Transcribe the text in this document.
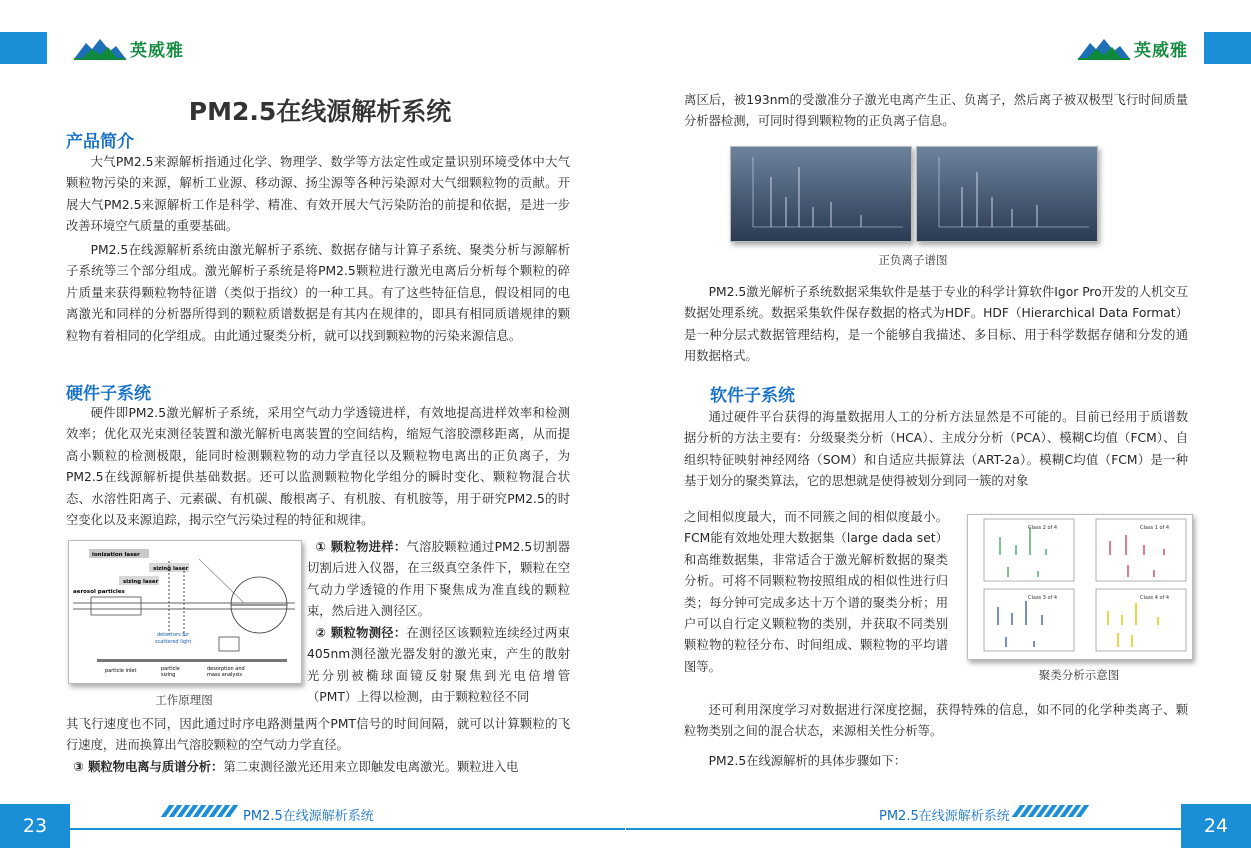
英威雅	英威雅
PM2.5在线源解析系统
产品简介

大气PM2.5来源解析指通过化学、物理学、数学等方法定性或定量识别环境受体中大气颗粒物污染的来源，解析工业源、移动源、扬尘源等各种污染源对大气细颗粒物的贡献。开展大气PM2.5来源解析工作是科学、精准、有效开展大气污染防治的前提和依据，是进一步改善环境空气质量的重要基础。

PM2.5在线源解析系统由激光解析子系统、数据存储与计算子系统、聚类分析与源解析子系统等三个部分组成。激光解析子系统是将PM2.5颗粒进行激光电离后分析每个颗粒的碎片质量来获得颗粒物特征谱（类似于指纹）的一种工具。有了这些特征信息，假设相同的电离激光和同样的分析器所得到的颗粒质谱数据是有其内在规律的，即具有相同质谱规律的颗粒物有着相同的化学组成。由此通过聚类分析，就可以找到颗粒物的污染来源信息。

硬件子系统

硬件即PM2.5激光解析子系统，采用空气动力学透镜进样，有效地提高进样效率和检测效率；优化双光束测径装置和激光解析电离装置的空间结构，缩短气溶胶漂移距离，从而提高小颗粒的检测极限，能同时检测颗粒物的动力学直径以及颗粒物电离出的正负离子，为PM2.5在线源解析提供基础数据。还可以监测颗粒物化学组分的瞬时变化、颗粒物混合状态、水溶性阳离子、元素碳、有机碳、酸根离子、有机胺、有机胺等，用于研究PM2.5的时空变化以及来源追踪，揭示空气污染过程的特征和规律。

ionization laser
sizing laser
sizing laser
aerosol particles
detectors for
scattered light
particle inlet	particle
sizing
desorption and
mass analysis
工作原理图

① 颗粒物进样：气溶胶颗粒通过PM2.5切割器切割后进入仪器，在三级真空条件下，颗粒在空气动力学透镜的作用下聚焦成为准直线的颗粒束，然后进入测径区。

② 颗粒物测径：在测径区该颗粒连续经过两束405nm测径激光器发射的激光束，产生的散射光分别被椭球面镜反射聚焦到光电倍增管（PMT）上得以检测，由于颗粒粒径不同

其飞行速度也不同，因此通过时序电路测量两个PMT信号的时间间隔，就可以计算颗粒的飞行速度，进而换算出气溶胶颗粒的空气动力学直径。

③ 颗粒物电离与质谱分析：第二束测径激光还用来立即触发电离激光。颗粒进入电

离区后，被193nm的受激准分子激光电离产生正、负离子，然后离子被双极型飞行时间质量分析器检测，可同时得到颗粒物的正负离子信息。

正负离子谱图

PM2.5激光解析子系统数据采集软件是基于专业的科学计算软件Igor Pro开发的人机交互数据处理系统。数据采集软件保存数据的格式为HDF。HDF（Hierarchical Data Format）是一种分层式数据管理结构，是一个能够自我描述、多目标、用于科学数据存储和分发的通用数据格式。

软件子系统

通过硬件平台获得的海量数据用人工的分析方法显然是不可能的。目前已经用于质谱数据分析的方法主要有：分级聚类分析（HCA）、主成分分析（PCA）、模糊C均值（FCM）、自组织特征映射神经网络（SOM）和自适应共振算法（ART-2a）。模糊C均值（FCM）是一种基于划分的聚类算法，它的思想就是使得被划分到同一簇的对象

之间相似度最大，而不同簇之间的相似度最小。FCM能有效地处理大数据集（large dada set）和高维数据集，非常适合于激光解析数据的聚类分析。可将不同颗粒物按照组成的相似性进行归类；每分钟可完成多达十万个谱的聚类分析；用户可以自行定义颗粒物的类别，并获取不同类别颗粒物的粒径分布、时间组成、颗粒物的平均谱图等。

Class 2 of 4	Class 1 of 4
Class 3 of 4	Class 4 of 4
聚类分析示意图

还可利用深度学习对数据进行深度挖掘，获得特殊的信息，如不同的化学种类离子、颗粒物类别之间的混合状态，来源相关性分析等。

PM2.5在线源解析的具体步骤如下：

23	24
PM2.5在线源解析系统	PM2.5在线源解析系统
